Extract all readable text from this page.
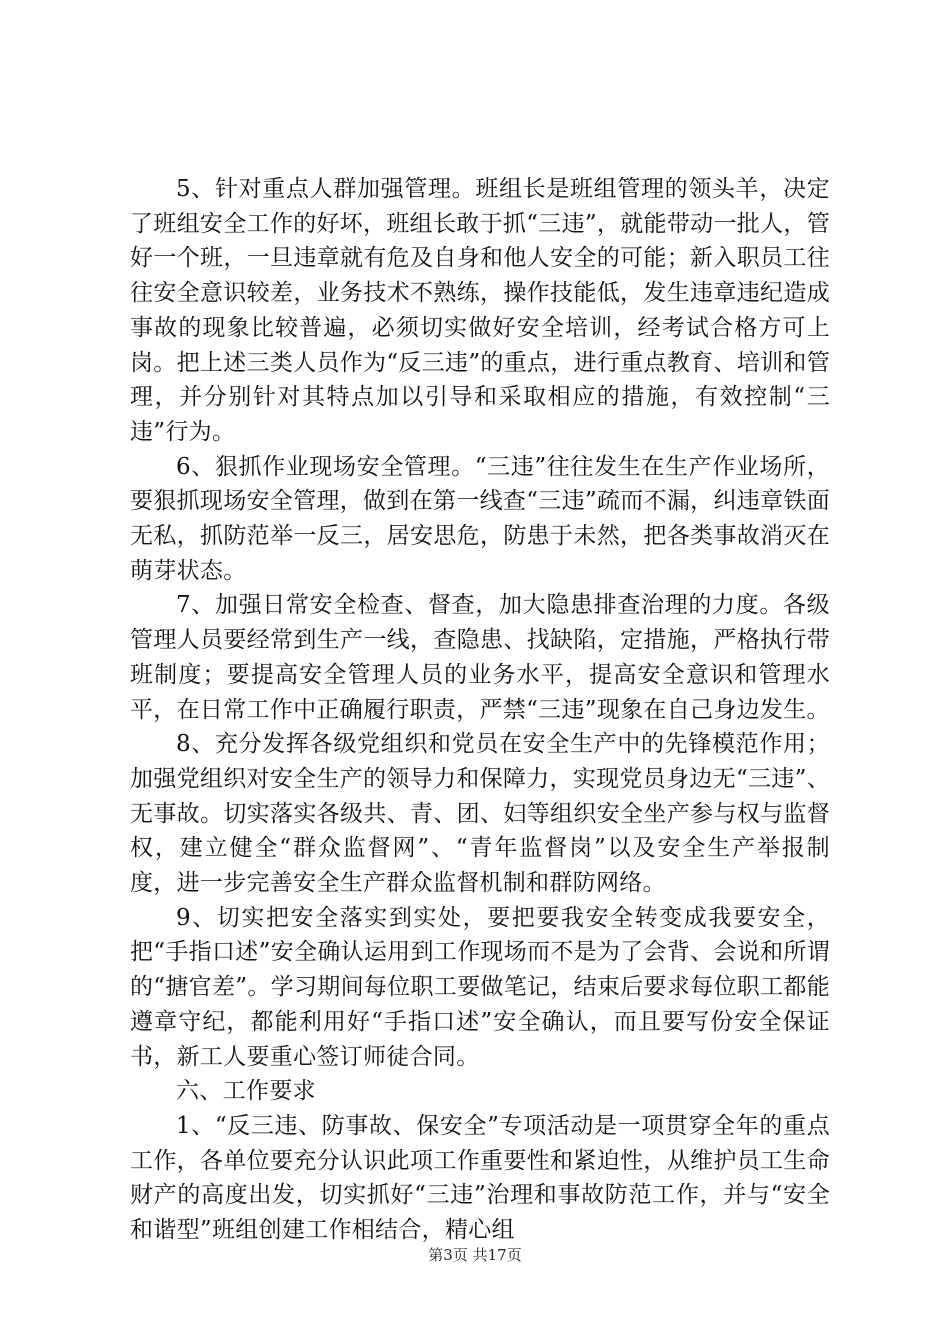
5、针对重点人群加强管理。班组长是班组管理的领头羊，决定了班组安全工作的好坏，班组长敢于抓“三违”，就能带动一批人，管好一个班，一旦违章就有危及自身和他人安全的可能；新入职员工往往安全意识较差，业务技术不熟练，操作技能低，发生违章违纪造成事故的现象比较普遍，必须切实做好安全培训，经考试合格方可上岗。把上述三类人员作为“反三违”的重点，进行重点教育、培训和管理，并分别针对其特点加以引导和采取相应的措施，有效控制“三违”行为。

6、狠抓作业现场安全管理。“三违”往往发生在生产作业场所，要狠抓现场安全管理，做到在第一线查“三违”疏而不漏，纠违章铁面无私，抓防范举一反三，居安思危，防患于未然，把各类事故消灭在萌芽状态。

7、加强日常安全检查、督查，加大隐患排查治理的力度。各级管理人员要经常到生产一线，查隐患、找缺陷，定措施，严格执行带班制度；要提高安全管理人员的业务水平，提高安全意识和管理水平，在日常工作中正确履行职责，严禁“三违”现象在自己身边发生。

8、充分发挥各级党组织和党员在安全生产中的先锋模范作用；加强党组织对安全生产的领导力和保障力，实现党员身边无“三违”、无事故。切实落实各级共、青、团、妇等组织安全坐产参与权与监督权，建立健全“群众监督网”、“青年监督岗”以及安全生产举报制度，进一步完善安全生产群众监督机制和群防网络。

9、切实把安全落实到实处，要把要我安全转变成我要安全，把“手指口述”安全确认运用到工作现场而不是为了会背、会说和所谓的“搪官差”。学习期间每位职工要做笔记，结束后要求每位职工都能遵章守纪，都能利用好“手指口述”安全确认，而且要写份安全保证书，新工人要重心签订师徒合同。

六、工作要求

1、“反三违、防事故、保安全”专项活动是一项贯穿全年的重点工作，各单位要充分认识此项工作重要性和紧迫性，从维护员工生命财产的高度出发，切实抓好“三违”治理和事故防范工作，并与“安全和谐型”班组创建工作相结合，精心组

第3页 共17页
